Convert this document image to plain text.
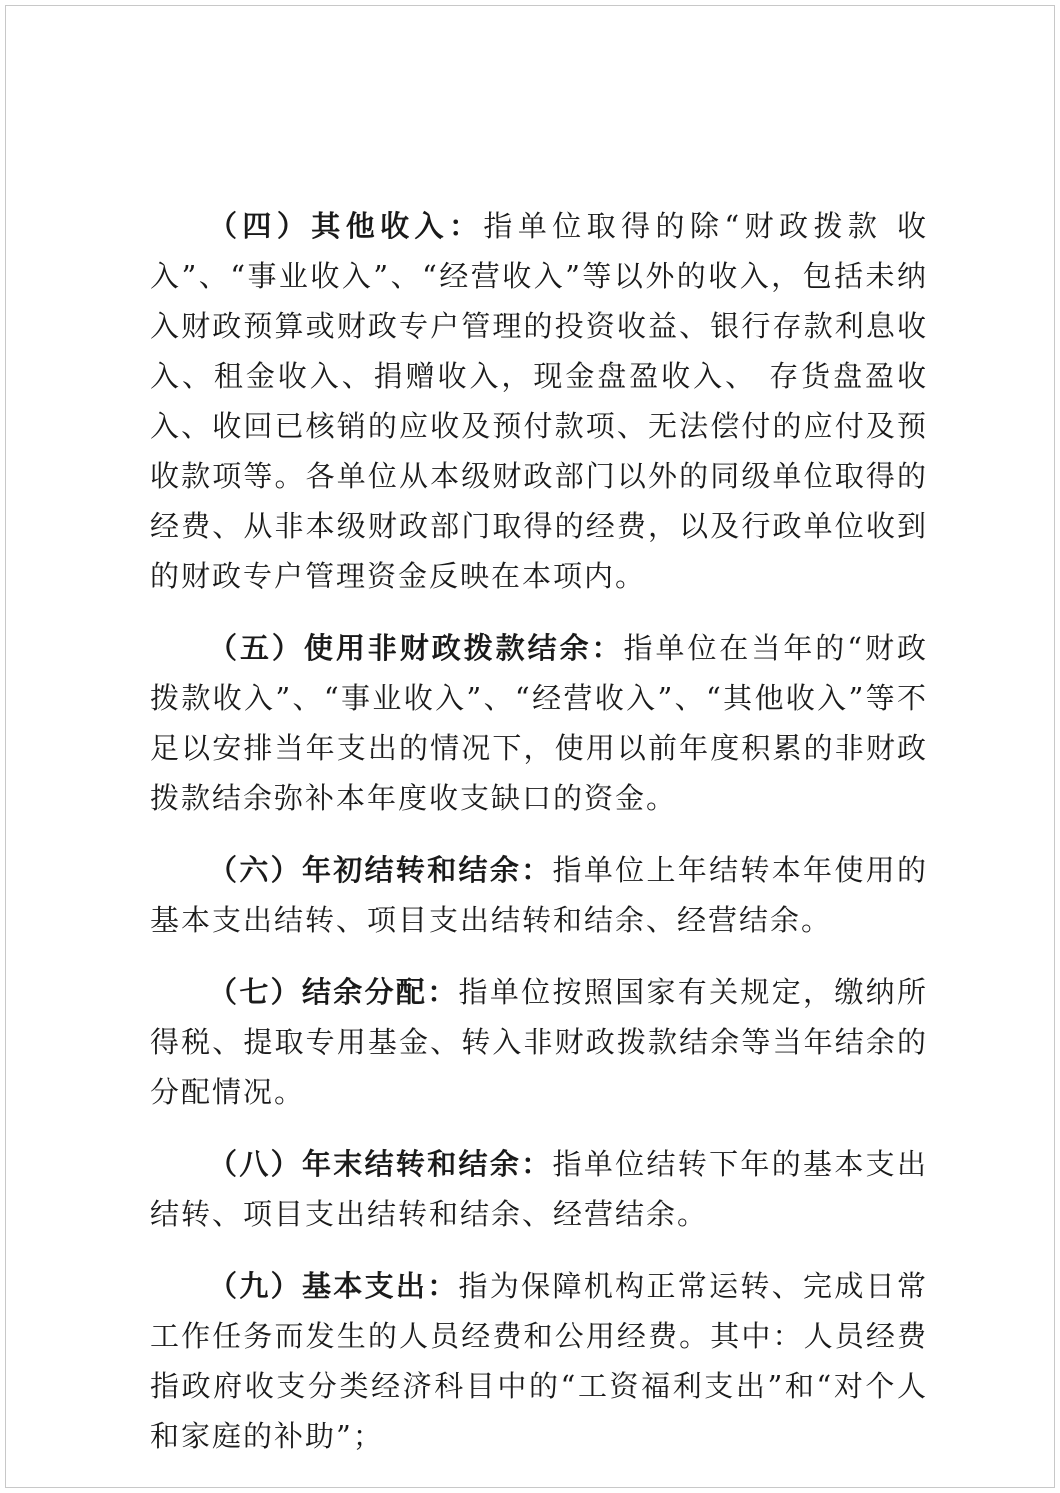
（四）其他收入：指单位取得的除“财政拨款 收入”、“事业收入”、“经营收入”等以外的收入，包括未纳入财政预算或财政专户管理的投资收益、银行存款利息收入、租金收入、捐赠收入，现金盘盈收入、 存货盘盈收入、收回已核销的应收及预付款项、无法偿付的应付及预收款项等。各单位从本级财政部门以外的同级单位取得的经费、从非本级财政部门取得的经费，以及行政单位收到的财政专户管理资金反映在本项内。

（五）使用非财政拨款结余：指单位在当年的“财政拨款收入”、“事业收入”、“经营收入”、“其他收入”等不足以安排当年支出的情况下，使用以前年度积累的非财政拨款结余弥补本年度收支缺口的资金。

（六）年初结转和结余：指单位上年结转本年使用的基本支出结转、项目支出结转和结余、经营结余。

（七）结余分配：指单位按照国家有关规定，缴纳所得税、提取专用基金、转入非财政拨款结余等当年结余的分配情况。

（八）年末结转和结余：指单位结转下年的基本支出结转、项目支出结转和结余、经营结余。

（九）基本支出：指为保障机构正常运转、完成日常工作任务而发生的人员经费和公用经费。其中：人员经费指政府收支分类经济科目中的“工资福利支出”和“对个人和家庭的补助”；
